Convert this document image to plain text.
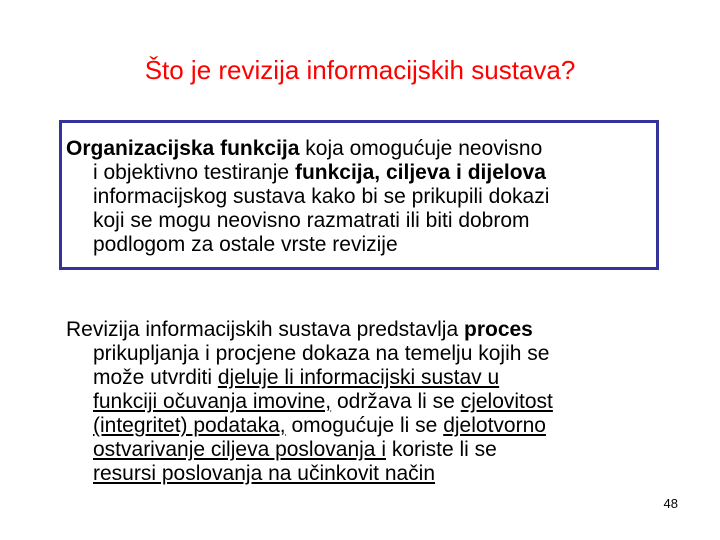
Što je revizija informacijskih sustava?
Organizacijska funkcija koja omogućuje neovisno
i objektivno testiranje funkcija, ciljeva i dijelova
informacijskog sustava kako bi se prikupili dokazi
koji se mogu neovisno razmatrati ili biti dobrom
podlogom za ostale vrste revizije
Revizija informacijskih sustava predstavlja proces
prikupljanja i procjene dokaza na temelju kojih se
može utvrditi djeluje li informacijski sustav u
funkciji očuvanja imovine, održava li se cjelovitost
(integritet) podataka, omogućuje li se djelotvorno
ostvarivanje ciljeva poslovanja i koriste li se
resursi poslovanja na učinkovit način
48
